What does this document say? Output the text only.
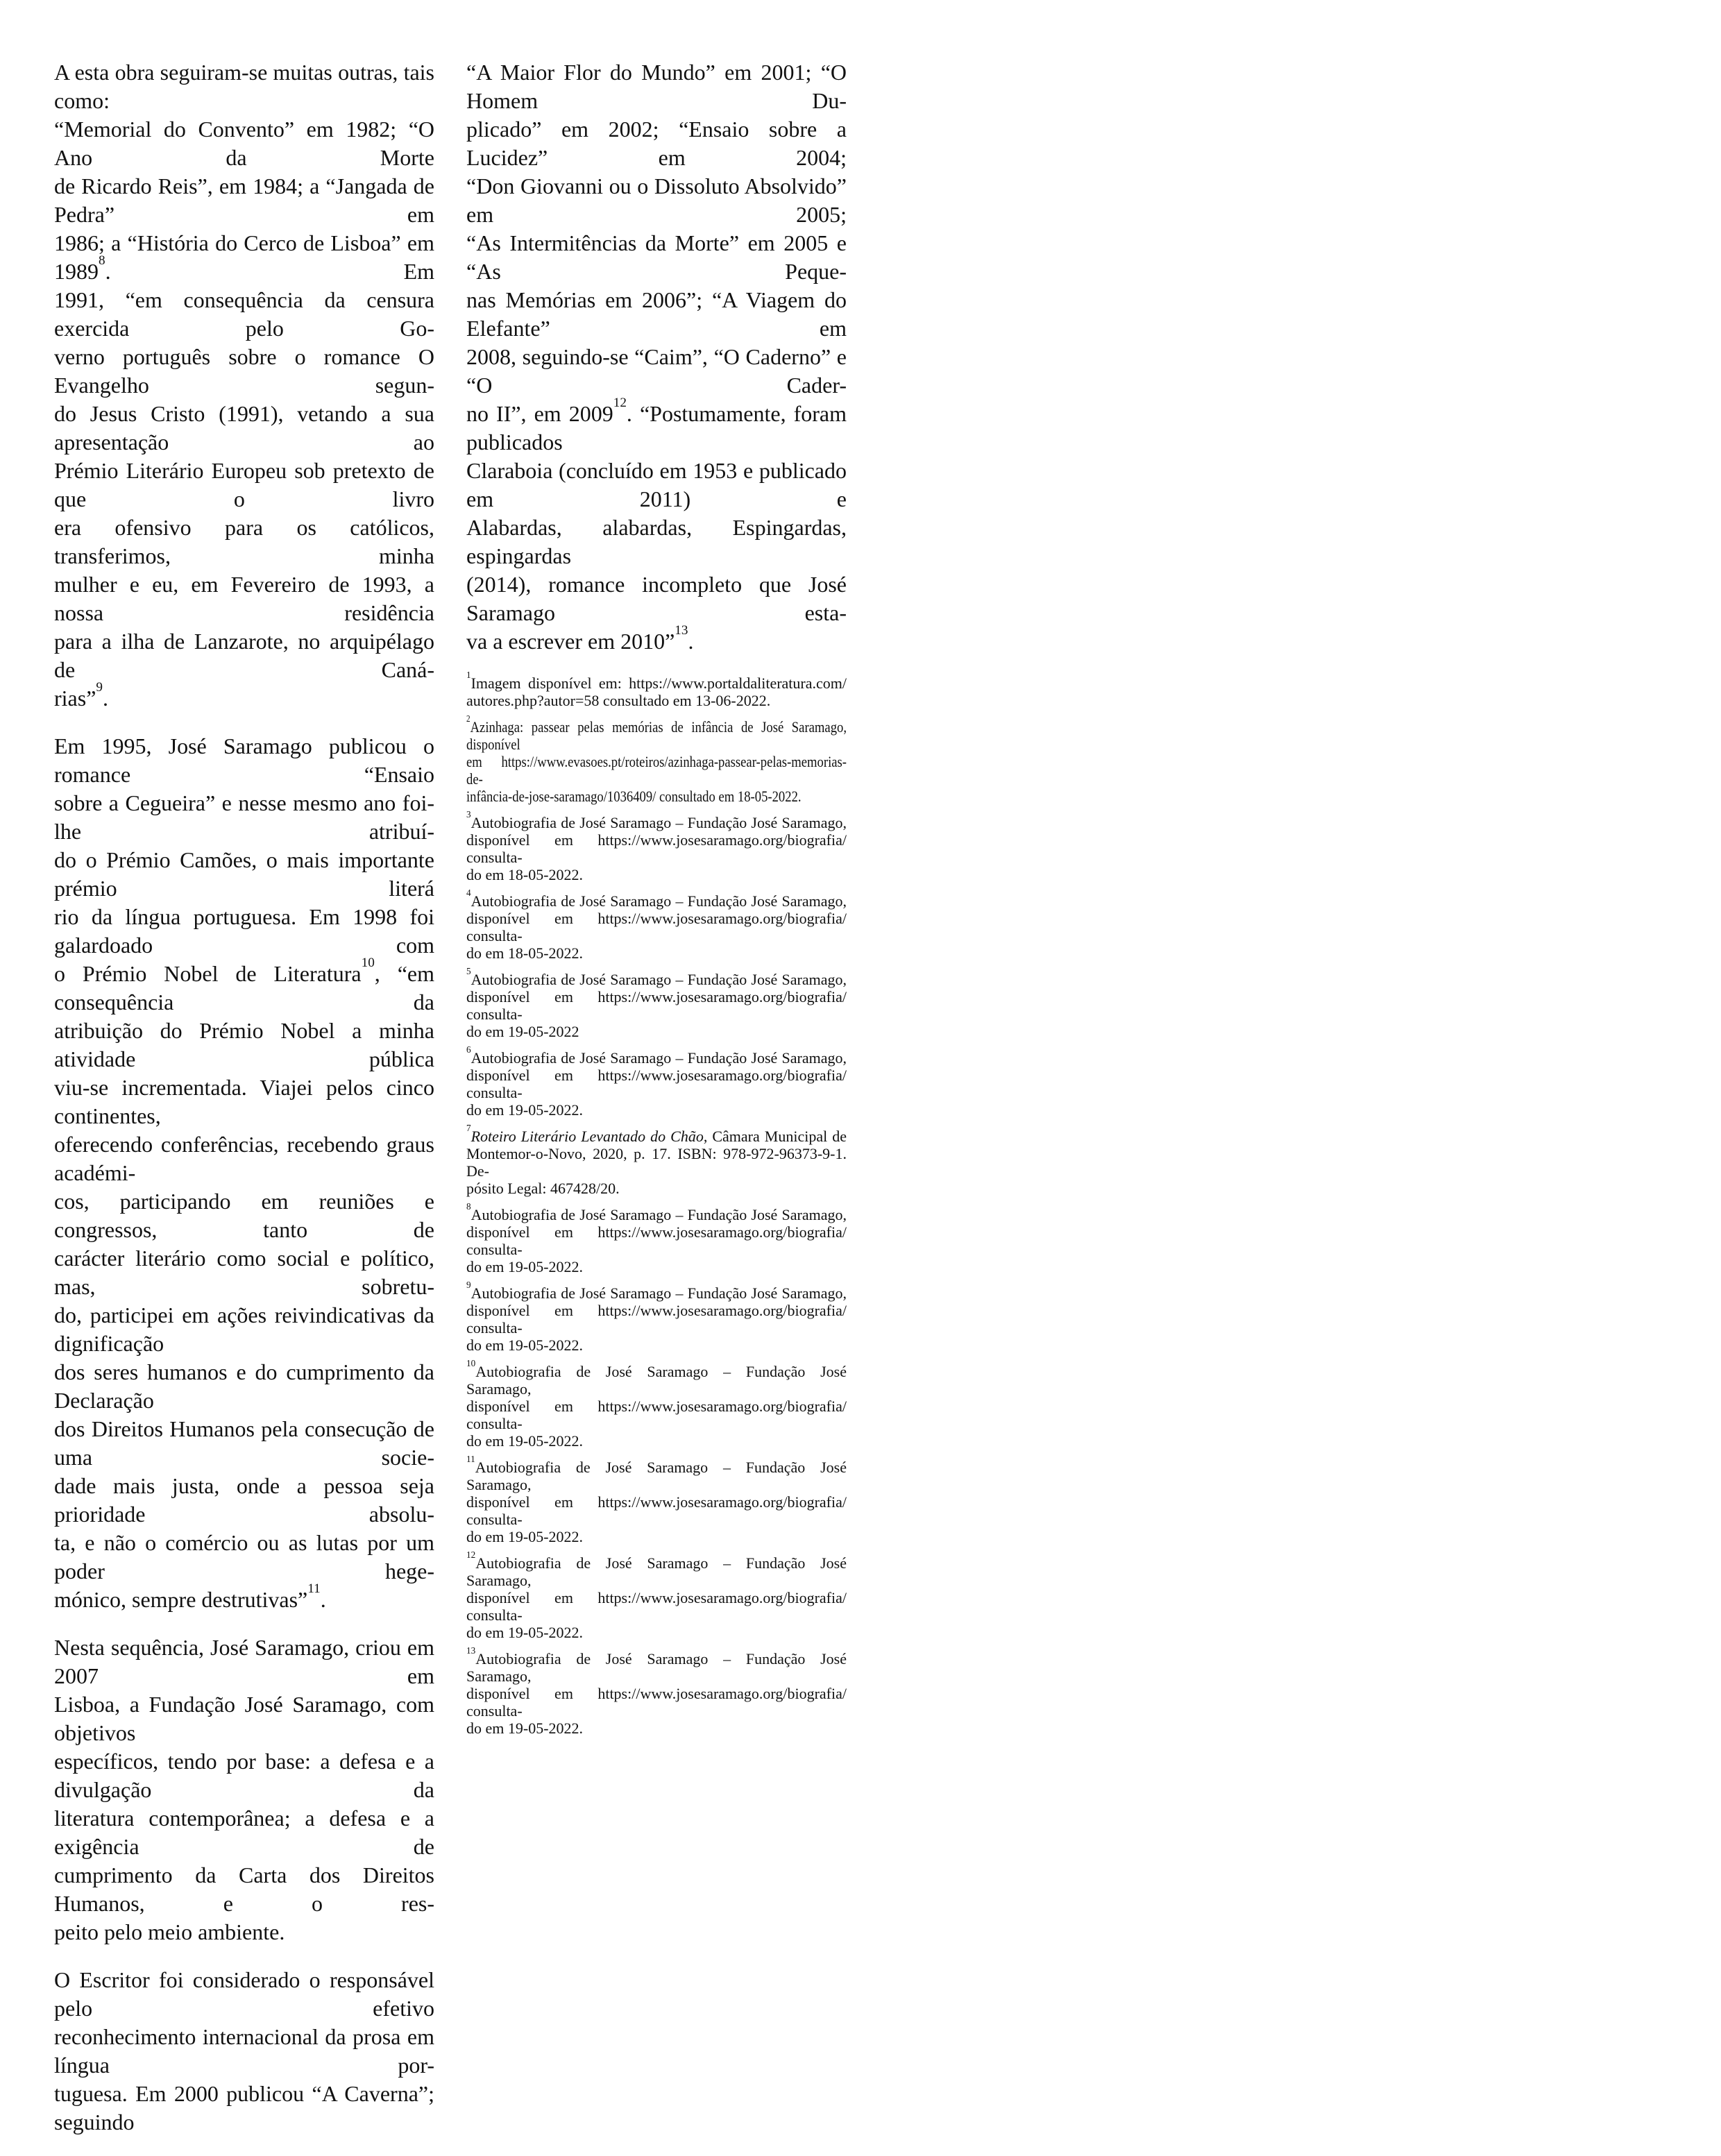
A esta obra seguiram-se muitas outras, tais como:
“Memorial do Convento” em 1982; “O Ano da Morte
de Ricardo Reis”, em 1984; a “Jangada de Pedra” em
1986; a “História do Cerco de Lisboa” em 1989$^8$. Em
1991, “em consequência da censura exercida pelo Go-
verno português sobre o romance O Evangelho segun-
do Jesus Cristo (1991), vetando a sua apresentação ao
Prémio Literário Europeu sob pretexto de que o livro
era ofensivo para os católicos, transferimos, minha
mulher e eu, em Fevereiro de 1993, a nossa residência
para a ilha de Lanzarote, no arquipélago de Caná-
rias”$^9$.
Em 1995, José Saramago publicou o romance “Ensaio
sobre a Cegueira” e nesse mesmo ano foi-lhe atribuí-
do o Prémio Camões, o mais importante prémio literá
rio da língua portuguesa. Em 1998 foi galardoado com
o Prémio Nobel de Literatura$^{10}$, “em consequência da
atribuição do Prémio Nobel a minha atividade pública
viu-se incrementada. Viajei pelos cinco continentes,
oferecendo conferências, recebendo graus académi-
cos, participando em reuniões e congressos, tanto de
carácter literário como social e político, mas, sobretu-
do, participei em ações reivindicativas da dignificação
dos seres humanos e do cumprimento da Declaração
dos Direitos Humanos pela consecução de uma socie-
dade mais justa, onde a pessoa seja prioridade absolu-
ta, e não o comércio ou as lutas por um poder hege-
mónico, sempre destrutivas”$^{11}$.
Nesta sequência, José Saramago, criou em 2007 em
Lisboa, a Fundação José Saramago, com objetivos
específicos, tendo por base: a defesa e a divulgação da
literatura contemporânea; a defesa e a exigência de
cumprimento da Carta dos Direitos Humanos, e o res-
peito pelo meio ambiente.
O Escritor foi considerado o responsável pelo efetivo
reconhecimento internacional da prosa em língua por-
tuguesa. Em 2000 publicou “A Caverna”; seguindo
“A Maior Flor do Mundo” em 2001; “O Homem Du-
plicado” em 2002; “Ensaio sobre a Lucidez” em 2004;
“Don Giovanni ou o Dissoluto Absolvido” em 2005;
“As Intermitências da Morte” em 2005 e “As Peque-
nas Memórias em 2006”; “A Viagem do Elefante” em
2008, seguindo-se “Caim”, “O Caderno” e “O Cader-
no II”, em 2009$^{12}$. “Postumamente, foram publicados
Claraboia (concluído em 1953 e publicado em 2011) e
Alabardas, alabardas, Espingardas, espingardas
(2014), romance incompleto que José Saramago esta-
va a escrever em 2010”$^{13}$.
$^1$Imagem disponível em: https://www.portaldaliteratura.com/
autores.php?autor=58 consultado em 13-06-2022.
$^2$Azinhaga: passear pelas memórias de infância de José Saramago, disponível
em https://www.evasoes.pt/roteiros/azinhaga-passear-pelas-memorias-de-
infância-de-jose-saramago/1036409/ consultado em 18-05-2022.
$^3$Autobiografia de José Saramago – Fundação José Saramago,
disponível em https://www.josesaramago.org/biografia/ consulta-
do em 18-05-2022.
$^4$Autobiografia de José Saramago – Fundação José Saramago,
disponível em https://www.josesaramago.org/biografia/ consulta-
do em 18-05-2022.
$^5$Autobiografia de José Saramago – Fundação José Saramago,
disponível em https://www.josesaramago.org/biografia/ consulta-
do em 19-05-2022
$^6$Autobiografia de José Saramago – Fundação José Saramago,
disponível em https://www.josesaramago.org/biografia/ consulta-
do em 19-05-2022.
$^7$Roteiro Literário Levantado do Chão, Câmara Municipal de
Montemor-o-Novo, 2020, p. 17. ISBN: 978-972-96373-9-1. De-
pósito Legal: 467428/20.
$^8$Autobiografia de José Saramago – Fundação José Saramago,
disponível em https://www.josesaramago.org/biografia/ consulta-
do em 19-05-2022.
$^9$Autobiografia de José Saramago – Fundação José Saramago,
disponível em https://www.josesaramago.org/biografia/ consulta-
do em 19-05-2022.
$^{10}$Autobiografia de José Saramago – Fundação José Saramago,
disponível em https://www.josesaramago.org/biografia/ consulta-
do em 19-05-2022.
$^{11}$Autobiografia de José Saramago – Fundação José Saramago,
disponível em https://www.josesaramago.org/biografia/ consulta-
do em 19-05-2022.
$^{12}$Autobiografia de José Saramago – Fundação José Saramago,
disponível em https://www.josesaramago.org/biografia/ consulta-
do em 19-05-2022.
$^{13}$Autobiografia de José Saramago – Fundação José Saramago,
disponível em https://www.josesaramago.org/biografia/ consulta-
do em 19-05-2022.
